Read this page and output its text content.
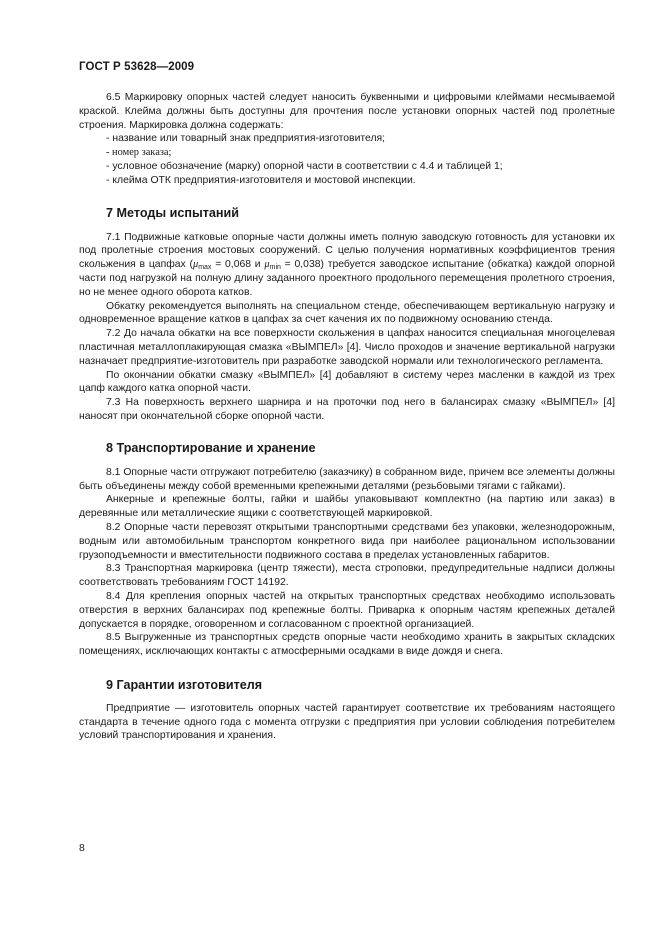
ГОСТ Р 53628—2009

6.5 Маркировку опорных частей следует наносить буквенными и цифровыми клеймами несмываемой краской. Клейма должны быть доступны для прочтения после установки опорных частей под пролетные строения. Маркировка должна содержать:

- название или товарный знак предприятия-изготовителя;

- номер заказа;

- условное обозначение (марку) опорной части в соответствии с 4.4 и таблицей 1;

- клейма ОТК предприятия-изготовителя и мостовой инспекции.

7 Методы испытаний

7.1 Подвижные катковые опорные части должны иметь полную заводскую готовность для установки их под пролетные строения мостовых сооружений. С целью получения нормативных коэффициентов трения скольжения в цапфах ($\mu_{max} = 0,068$ и $\mu_{min} = 0,038$) требуется заводское испытание (обкатка) каждой опорной части под нагрузкой на полную длину заданного проектного продольного перемещения пролетного строения, но не менее одного оборота катков.

Обкатку рекомендуется выполнять на специальном стенде, обеспечивающем вертикальную нагрузку и одновременное вращение катков в цапфах за счет качения их по подвижному основанию стенда.

7.2 До начала обкатки на все поверхности скольжения в цапфах наносится специальная многоцелевая пластичная металлоплакирующая смазка «ВЫМПЕЛ» [4]. Число проходов и значение вертикальной нагрузки назначает предприятие-изготовитель при разработке заводской нормали или технологического регламента.

По окончании обкатки смазку «ВЫМПЕЛ» [4] добавляют в систему через масленки в каждой из трех цапф каждого катка опорной части.

7.3 На поверхность верхнего шарнира и на проточки под него в балансирах смазку «ВЫМПЕЛ» [4] наносят при окончательной сборке опорной части.

8 Транспортирование и хранение

8.1 Опорные части отгружают потребителю (заказчику) в собранном виде, причем все элементы должны быть объединены между собой временными крепежными деталями (резьбовыми тягами с гайками).

Анкерные и крепежные болты, гайки и шайбы упаковывают комплектно (на партию или заказ) в деревянные или металлические ящики с соответствующей маркировкой.

8.2 Опорные части перевозят открытыми транспортными средствами без упаковки, железнодорожным, водным или автомобильным транспортом конкретного вида при наиболее рациональном использовании грузоподъемности и вместительности подвижного состава в пределах установленных габаритов.

8.3 Транспортная маркировка (центр тяжести), места строповки, предупредительные надписи должны соответствовать требованиям ГОСТ 14192.

8.4 Для крепления опорных частей на открытых транспортных средствах необходимо использовать отверстия в верхних балансирах под крепежные болты. Приварка к опорным частям крепежных деталей допускается в порядке, оговоренном и согласованном с проектной организацией.

8.5 Выгруженные из транспортных средств опорные части необходимо хранить в закрытых складских помещениях, исключающих контакты с атмосферными осадками в виде дождя и снега.

9 Гарантии изготовителя

Предприятие — изготовитель опорных частей гарантирует соответствие их требованиям настоящего стандарта в течение одного года с момента отгрузки с предприятия при условии соблюдения потребителем условий транспортирования и хранения.

8
